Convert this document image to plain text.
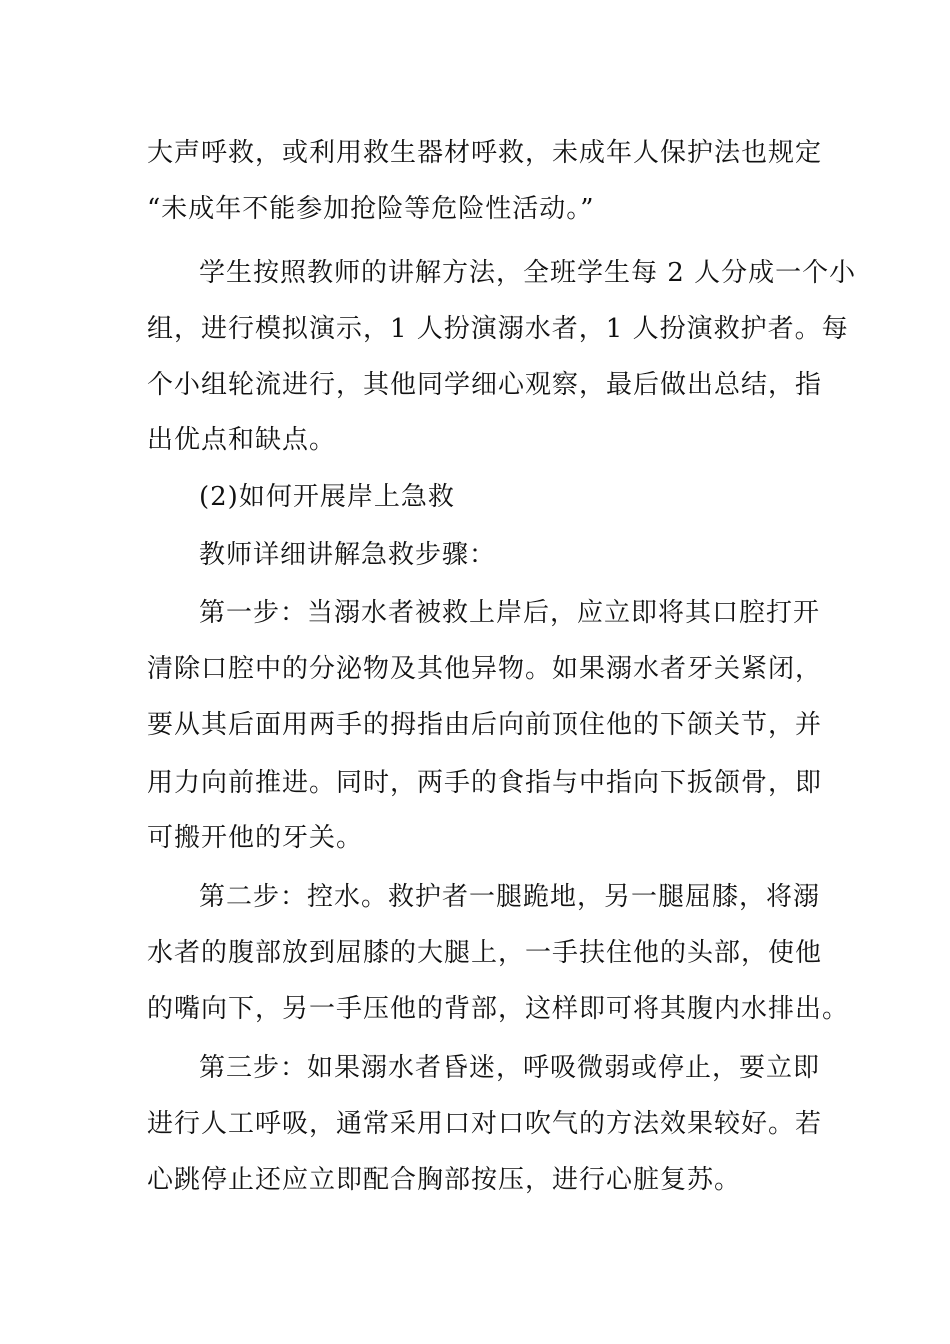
大声呼救，或利用救生器材呼救，未成年人保护法也规定
“未成年不能参加抢险等危险性活动。”
学生按照教师的讲解方法，全班学生每 2 人分成一个小
组，进行模拟演示，1 人扮演溺水者，1 人扮演救护者。每
个小组轮流进行，其他同学细心观察，最后做出总结，指
出优点和缺点。
(2)如何开展岸上急救
教师详细讲解急救步骤：
第一步：当溺水者被救上岸后，应立即将其口腔打开
清除口腔中的分泌物及其他异物。如果溺水者牙关紧闭，
要从其后面用两手的拇指由后向前顶住他的下颌关节，并
用力向前推进。同时，两手的食指与中指向下扳颌骨，即
可搬开他的牙关。
第二步：控水。救护者一腿跪地，另一腿屈膝，将溺
水者的腹部放到屈膝的大腿上，一手扶住他的头部，使他
的嘴向下，另一手压他的背部，这样即可将其腹内水排出。
第三步：如果溺水者昏迷，呼吸微弱或停止，要立即
进行人工呼吸，通常采用口对口吹气的方法效果较好。若
心跳停止还应立即配合胸部按压，进行心脏复苏。
